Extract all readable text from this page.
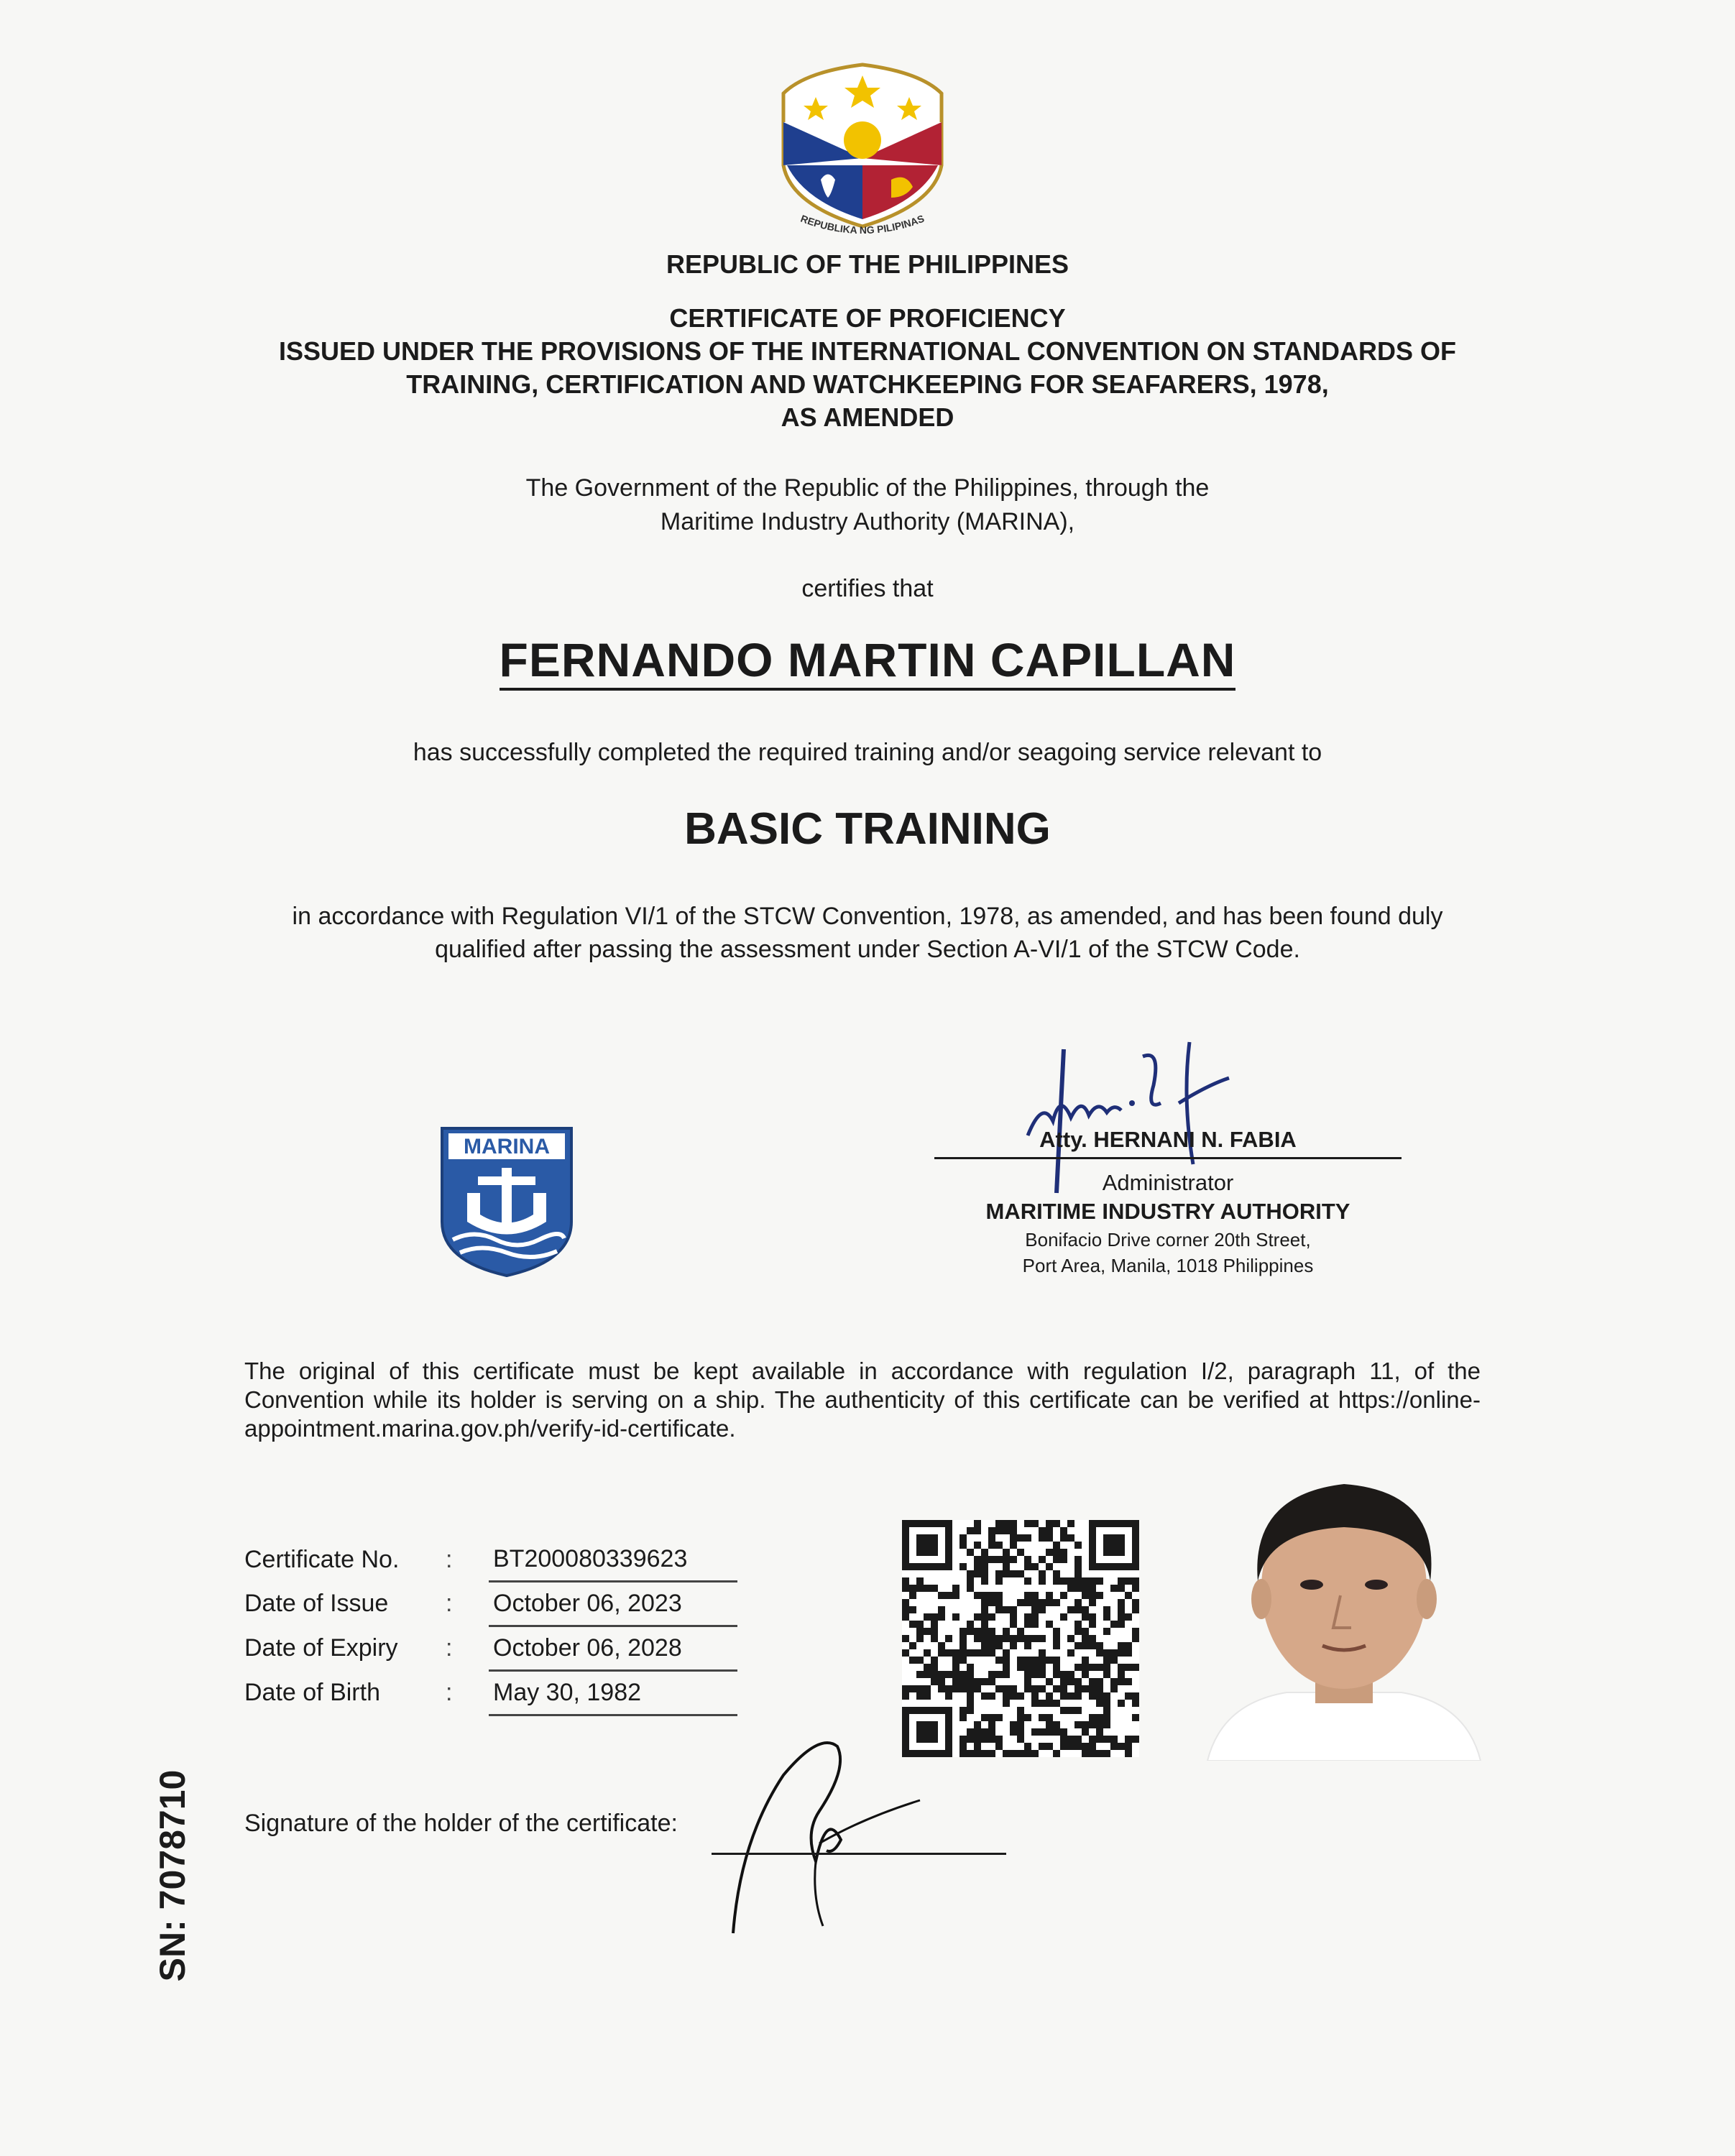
REPUBLIKA NG PILIPINAS
REPUBLIC OF THE PHILIPPINES
CERTIFICATE OF PROFICIENCY
ISSUED UNDER THE PROVISIONS OF THE INTERNATIONAL CONVENTION ON STANDARDS OF
TRAINING, CERTIFICATION AND WATCHKEEPING FOR SEAFARERS, 1978,
AS AMENDED
The Government of the Republic of the Philippines, through the
Maritime Industry Authority (MARINA),
certifies that
FERNANDO MARTIN CAPILLAN
has successfully completed the required training and/or seagoing service relevant to
BASIC TRAINING
in accordance with Regulation VI/1 of the STCW Convention, 1978, as amended, and has been found duly
qualified after passing the assessment under Section A-VI/1 of the STCW Code.
MARINA	Atty. HERNANI N. FABIA
Administrator
MARITIME INDUSTRY AUTHORITY
Bonifacio Drive corner 20th Street,
Port Area, Manila, 1018 Philippines
The original of this certificate must be kept available in accordance with regulation I/2, paragraph 11, of the Convention while its holder is serving on a ship. The authenticity of this certificate can be verified at https://online-appointment.marina.gov.ph/verify-id-certificate.
Certificate No.	:	BT200080339623
Date of Issue	:	October 06, 2023
Date of Expiry	:	October 06, 2028
Date of Birth	:	May 30, 1982
Signature of the holder of the certificate:
SN: 7078710
